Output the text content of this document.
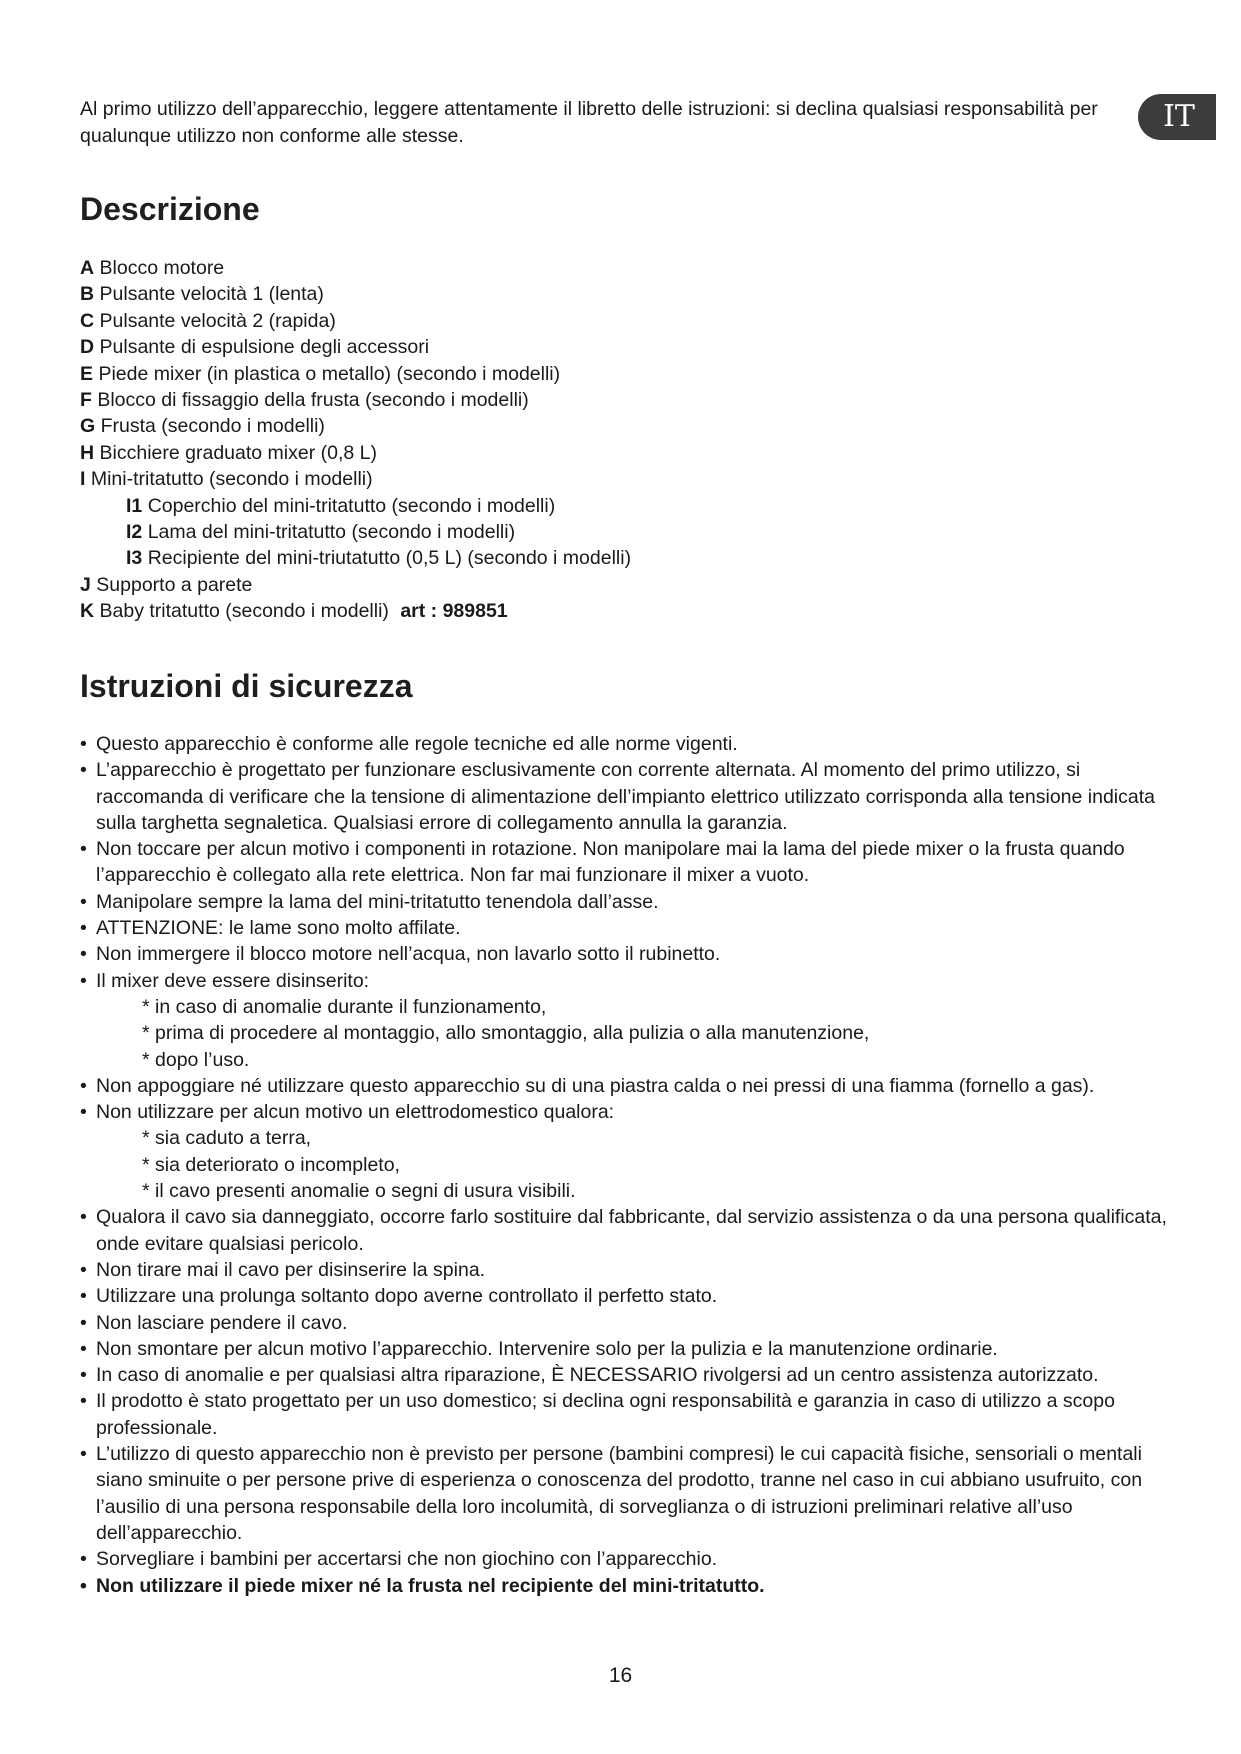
IT

Al primo utilizzo dell’apparecchio, leggere attentamente il libretto delle istruzioni: si declina qualsiasi responsabilità per qualunque utilizzo non conforme alle stesse.

Descrizione
A Blocco motore
B Pulsante velocità 1 (lenta)
C Pulsante velocità 2 (rapida)
D Pulsante di espulsione degli accessori
E Piede mixer (in plastica o metallo) (secondo i modelli)
F Blocco di fissaggio della frusta (secondo i modelli)
G Frusta (secondo i modelli)
H Bicchiere graduato mixer (0,8 L)
I Mini-tritatutto (secondo i modelli)
I1 Coperchio del mini-tritatutto (secondo i modelli)
I2 Lama del mini-tritatutto (secondo i modelli)
I3 Recipiente del mini-triutatutto (0,5 L) (secondo i modelli)
J Supporto a parete
K Baby tritatutto (secondo i modelli) art : 989851
Istruzioni di sicurezza
• Questo apparecchio è conforme alle regole tecniche ed alle norme vigenti.
• L’apparecchio è progettato per funzionare esclusivamente con corrente alternata. Al momento del primo utilizzo, si raccomanda di verificare che la tensione di alimentazione dell’impianto elettrico utilizzato corrisponda alla tensione indicata sulla targhetta segnaletica. Qualsiasi errore di collegamento annulla la garanzia.
• Non toccare per alcun motivo i componenti in rotazione. Non manipolare mai la lama del piede mixer o la frusta quando l’apparecchio è collegato alla rete elettrica. Non far mai funzionare il mixer a vuoto.
• Manipolare sempre la lama del mini-tritatutto tenendola dall’asse.
• ATTENZIONE: le lame sono molto affilate.
• Non immergere il blocco motore nell’acqua, non lavarlo sotto il rubinetto.
• Il mixer deve essere disinserito:
* in caso di anomalie durante il funzionamento,
* prima di procedere al montaggio, allo smontaggio, alla pulizia o alla manutenzione,
* dopo l’uso.
• Non appoggiare né utilizzare questo apparecchio su di una piastra calda o nei pressi di una fiamma (fornello a gas).
• Non utilizzare per alcun motivo un elettrodomestico qualora:
* sia caduto a terra,
* sia deteriorato o incompleto,
* il cavo presenti anomalie o segni di usura visibili.
• Qualora il cavo sia danneggiato, occorre farlo sostituire dal fabbricante, dal servizio assistenza o da una persona qualificata, onde evitare qualsiasi pericolo.
• Non tirare mai il cavo per disinserire la spina.
• Utilizzare una prolunga soltanto dopo averne controllato il perfetto stato.
• Non lasciare pendere il cavo.
• Non smontare per alcun motivo l’apparecchio. Intervenire solo per la pulizia e la manutenzione ordinarie.
• In caso di anomalie e per qualsiasi altra riparazione, È NECESSARIO rivolgersi ad un centro assistenza autorizzato.
• Il prodotto è stato progettato per un uso domestico; si declina ogni responsabilità e garanzia in caso di utilizzo a scopo professionale.
• L’utilizzo di questo apparecchio non è previsto per persone (bambini compresi) le cui capacità fisiche, sensoriali o mentali siano sminuite o per persone prive di esperienza o conoscenza del prodotto, tranne nel caso in cui abbiano usufruito, con l’ausilio di una persona responsabile della loro incolumità, di sorveglianza o di istruzioni preliminari relative all’uso dell’apparecchio.
• Sorvegliare i bambini per accertarsi che non giochino con l’apparecchio.
• Non utilizzare il piede mixer né la frusta nel recipiente del mini-tritatutto.
16
